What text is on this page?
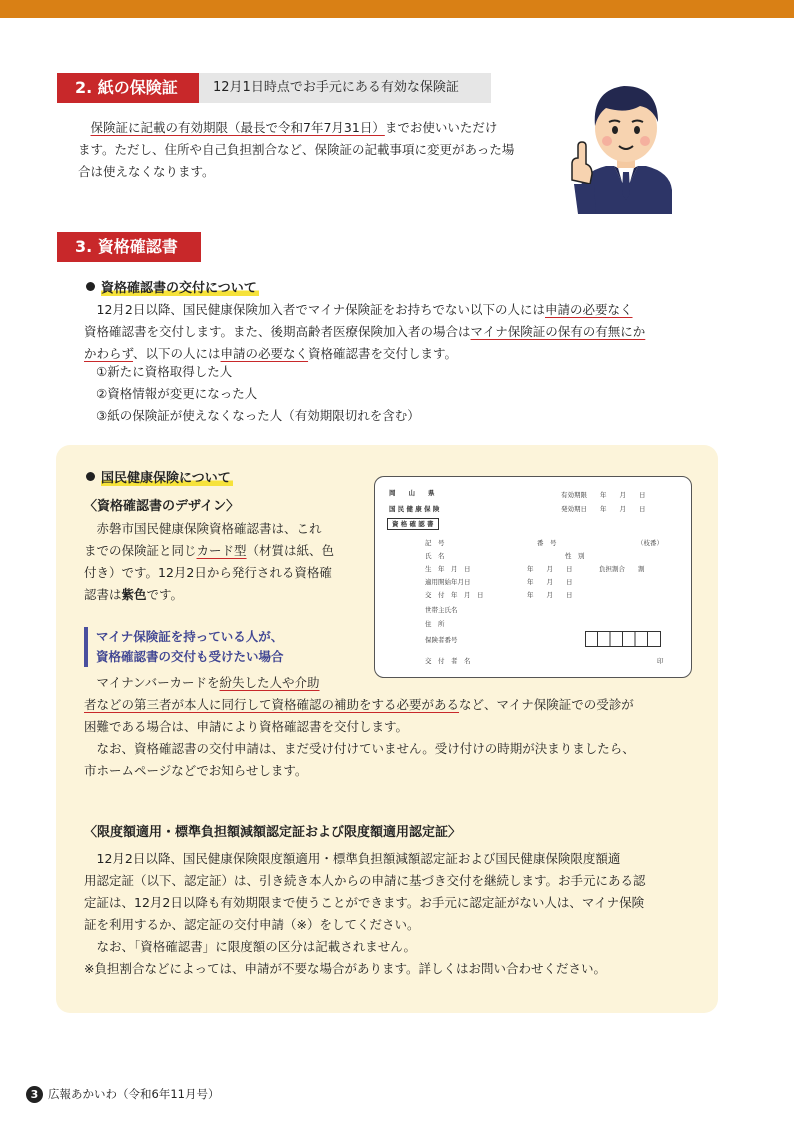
2. 紙の保険証	12月1日時点でお手元にある有効な保険証

　保険証に記載の有効期限（最長で令和7年7月31日）までお使いいただけ

ます。ただし、住所や自己負担割合など、保険証の記載事項に変更があった場

合は使えなくなります。

3. 資格確認書
資格確認書の交付について

　12月2日以降、国民健康保険加入者でマイナ保険証をお持ちでない以下の人には申請の必要なく

資格確認書を交付します。また、後期高齢者医療保険加入者の場合はマイナ保険証の保有の有無にか

かわらず、以下の人には申請の必要なく資格確認書を交付します。

①新たに資格取得した人
②資格情報が変更になった人
③紙の保険証が使えなくなった人（有効期限切れを含む）
国民健康保険について
〈資格確認書のデザイン〉

　赤磐市国民健康保険資格確認書は、これ

までの保険証と同じカード型（材質は紙、色

付き）です。12月2日から発行される資格確

認書は紫色です。

マイナ保険証を持っている人が、
資格確認書の交付も受けたい場合
岡　　山　　県
国 民 健 康 保 険
資 格 確 認 書
有効期限　　年　　月　　日
発効期日　　年　　月　　日
記　号	番　号	（枝番）
氏　名	性　別
生　年　月　日	年　　月　　日	負担割合　　割
適用開始年月日	年　　月　　日
交　付　年　月　日	年　　月　　日
世帯主氏名
住　所
保険者番号
交　付　者　名	印

　マイナンバーカードを紛失した人や介助

者などの第三者が本人に同行して資格確認の補助をする必要があるなど、マイナ保険証での受診が

困難である場合は、申請により資格確認書を交付します。

　なお、資格確認書の交付申請は、まだ受け付けていません。受け付けの時期が決まりましたら、

市ホームページなどでお知らせします。

〈限度額適用・標準負担額減額認定証および限度額適用認定証〉

　12月2日以降、国民健康保険限度額適用・標準負担額減額認定証および国民健康保険限度額適

用認定証（以下、認定証）は、引き続き本人からの申請に基づき交付を継続します。お手元にある認

定証は、12月2日以降も有効期限まで使うことができます。お手元に認定証がない人は、マイナ保険

証を利用するか、認定証の交付申請（※）をしてください。

　なお、「資格確認書」に限度額の区分は記載されません。

※負担割合などによっては、申請が不要な場合があります。詳しくはお問い合わせください。

3 広報あかいわ（令和6年11月号）
